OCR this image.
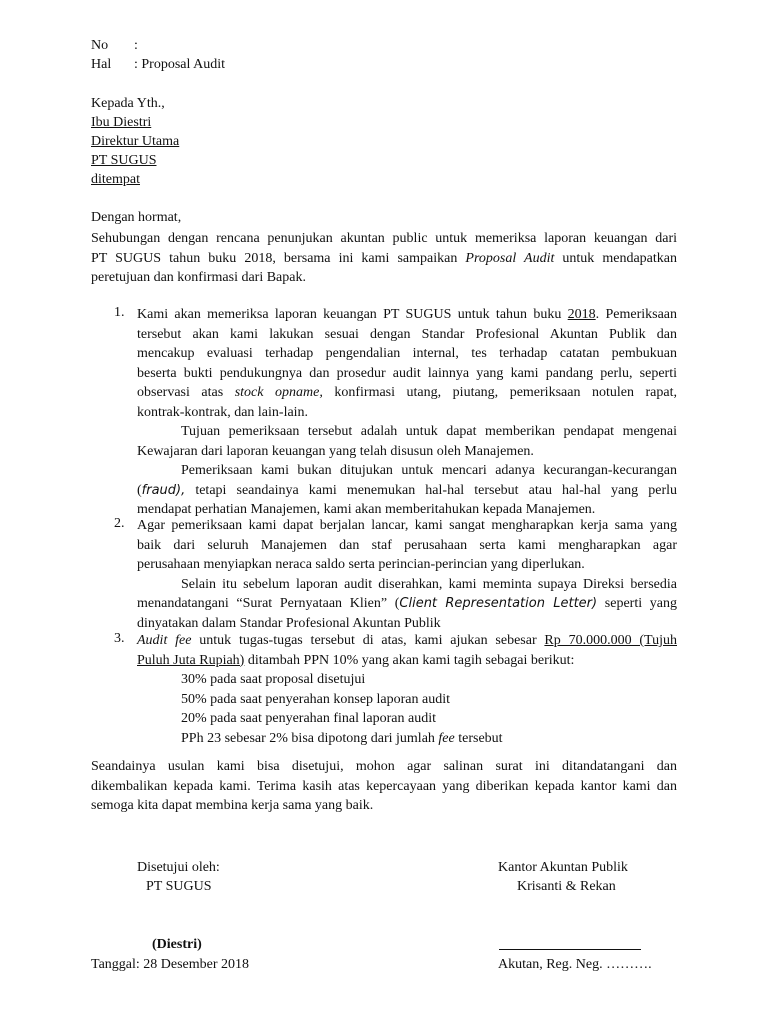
No :
Hal : Proposal Audit
Kepada Yth.,
Ibu Diestri
Direktur Utama
PT SUGUS
ditempat
Dengan hormat,
Sehubungan dengan rencana penunjukan akuntan public untuk memeriksa laporan keuangan dari
PT SUGUS tahun buku 2018, bersama ini kami sampaikan Proposal Audit untuk mendapatkan
peretujuan dan konfirmasi dari Bapak.
1. Kami akan memeriksa laporan keuangan PT SUGUS untuk tahun buku 2018. Pemeriksaan
tersebut akan kami lakukan sesuai dengan Standar Profesional Akuntan Publik dan
mencakup evaluasi terhadap pengendalian internal, tes terhadap catatan pembukuan
beserta bukti pendukungnya dan prosedur audit lainnya yang kami pandang perlu, seperti
observasi atas stock opname, konfirmasi utang, piutang, pemeriksaan notulen rapat,
kontrak-kontrak, dan lain-lain.
Tujuan pemeriksaan tersebut adalah untuk dapat memberikan pendapat mengenai
Kewajaran dari laporan keuangan yang telah disusun oleh Manajemen.
Pemeriksaan kami bukan ditujukan untuk mencari adanya kecurangan-kecurangan
(fraud), tetapi seandainya kami menemukan hal-hal tersebut atau hal-hal yang perlu
mendapat perhatian Manajemen, kami akan memberitahukan kepada Manajemen.
2. Agar pemeriksaan kami dapat berjalan lancar, kami sangat mengharapkan kerja sama yang
baik dari seluruh Manajemen dan staf perusahaan serta kami mengharapkan agar
perusahaan menyiapkan neraca saldo serta perincian-perincian yang diperlukan.
Selain itu sebelum laporan audit diserahkan, kami meminta supaya Direksi bersedia
menandatangani “Surat Pernyataan Klien” (Client Representation Letter) seperti yang
dinyatakan dalam Standar Profesional Akuntan Publik
3. Audit fee untuk tugas-tugas tersebut di atas, kami ajukan sebesar Rp 70.000.000 (Tujuh
Puluh Juta Rupiah) ditambah PPN 10% yang akan kami tagih sebagai berikut:
30% pada saat proposal disetujui
50% pada saat penyerahan konsep laporan audit
20% pada saat penyerahan final laporan audit
PPh 23 sebesar 2% bisa dipotong dari jumlah fee tersebut
Seandainya usulan kami bisa disetujui, mohon agar salinan surat ini ditandatangani dan
dikembalikan kepada kami. Terima kasih atas kepercayaan yang diberikan kepada kantor kami dan
semoga kita dapat membina kerja sama yang baik.
Disetujui oleh:
PT SUGUS
(Diestri)
Tanggal: 28 Desember 2018
Kantor Akuntan Publik
Krisanti & Rekan
Akutan, Reg. Neg. ……….
